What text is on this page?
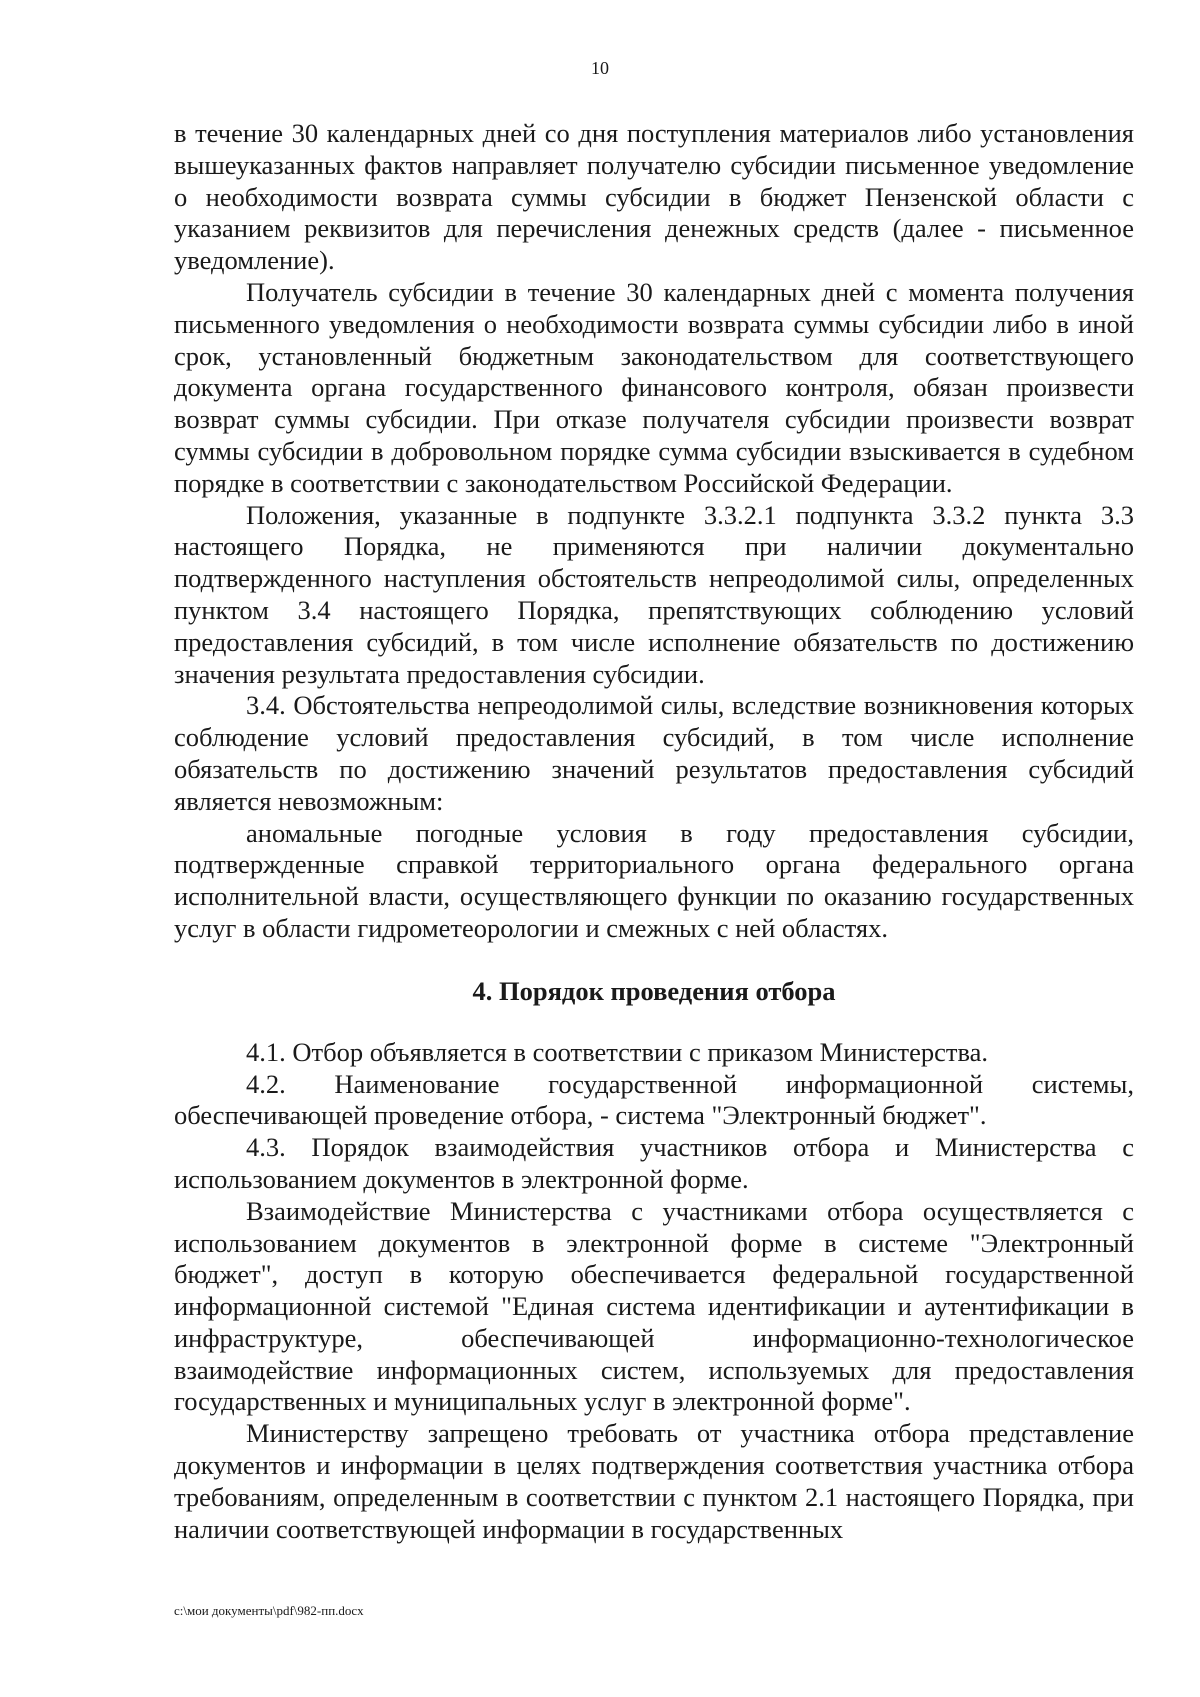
10

в течение 30 календарных дней со дня поступления материалов либо установления вышеуказанных фактов направляет получателю субсидии письменное уведомление о необходимости возврата суммы субсидии в бюджет Пензенской области с указанием реквизитов для перечисления денежных средств (далее - письменное уведомление).

Получатель субсидии в течение 30 календарных дней с момента получения письменного уведомления о необходимости возврата суммы субсидии либо в иной срок, установленный бюджетным законодательством для соответствующего документа органа государственного финансового контроля, обязан произвести возврат суммы субсидии. При отказе получателя субсидии произвести возврат суммы субсидии в добровольном порядке сумма субсидии взыскивается в судебном порядке в соответствии с законодательством Российской Федерации.

Положения, указанные в подпункте 3.3.2.1 подпункта 3.3.2 пункта 3.3 настоящего Порядка, не применяются при наличии документально подтвержденного наступления обстоятельств непреодолимой силы, определенных пунктом 3.4 настоящего Порядка, препятствующих соблюдению условий предоставления субсидий, в том числе исполнение обязательств по достижению значения результата предоставления субсидии.

3.4. Обстоятельства непреодолимой силы, вследствие возникновения которых соблюдение условий предоставления субсидий, в том числе исполнение обязательств по достижению значений результатов предоставления субсидий является невозможным:

аномальные погодные условия в году предоставления субсидии, подтвержденные справкой территориального органа федерального органа исполнительной власти, осуществляющего функции по оказанию государственных услуг в области гидрометеорологии и смежных с ней областях.

4. Порядок проведения отбора

4.1. Отбор объявляется в соответствии с приказом Министерства.

4.2. Наименование государственной информационной системы, обеспечивающей проведение отбора, - система "Электронный бюджет".

4.3. Порядок взаимодействия участников отбора и Министерства с использованием документов в электронной форме.

Взаимодействие Министерства с участниками отбора осуществляется с использованием документов в электронной форме в системе "Электронный бюджет", доступ в которую обеспечивается федеральной государственной информационной системой "Единая система идентификации и аутентификации в инфраструктуре, обеспечивающей информационно-технологическое взаимодействие информационных систем, используемых для предоставления государственных и муниципальных услуг в электронной форме".

Министерству запрещено требовать от участника отбора представление документов и информации в целях подтверждения соответствия участника отбора требованиям, определенным в соответствии с пунктом 2.1 настоящего Порядка, при наличии соответствующей информации в государственных

c:\мои документы\pdf\982-пп.docx
